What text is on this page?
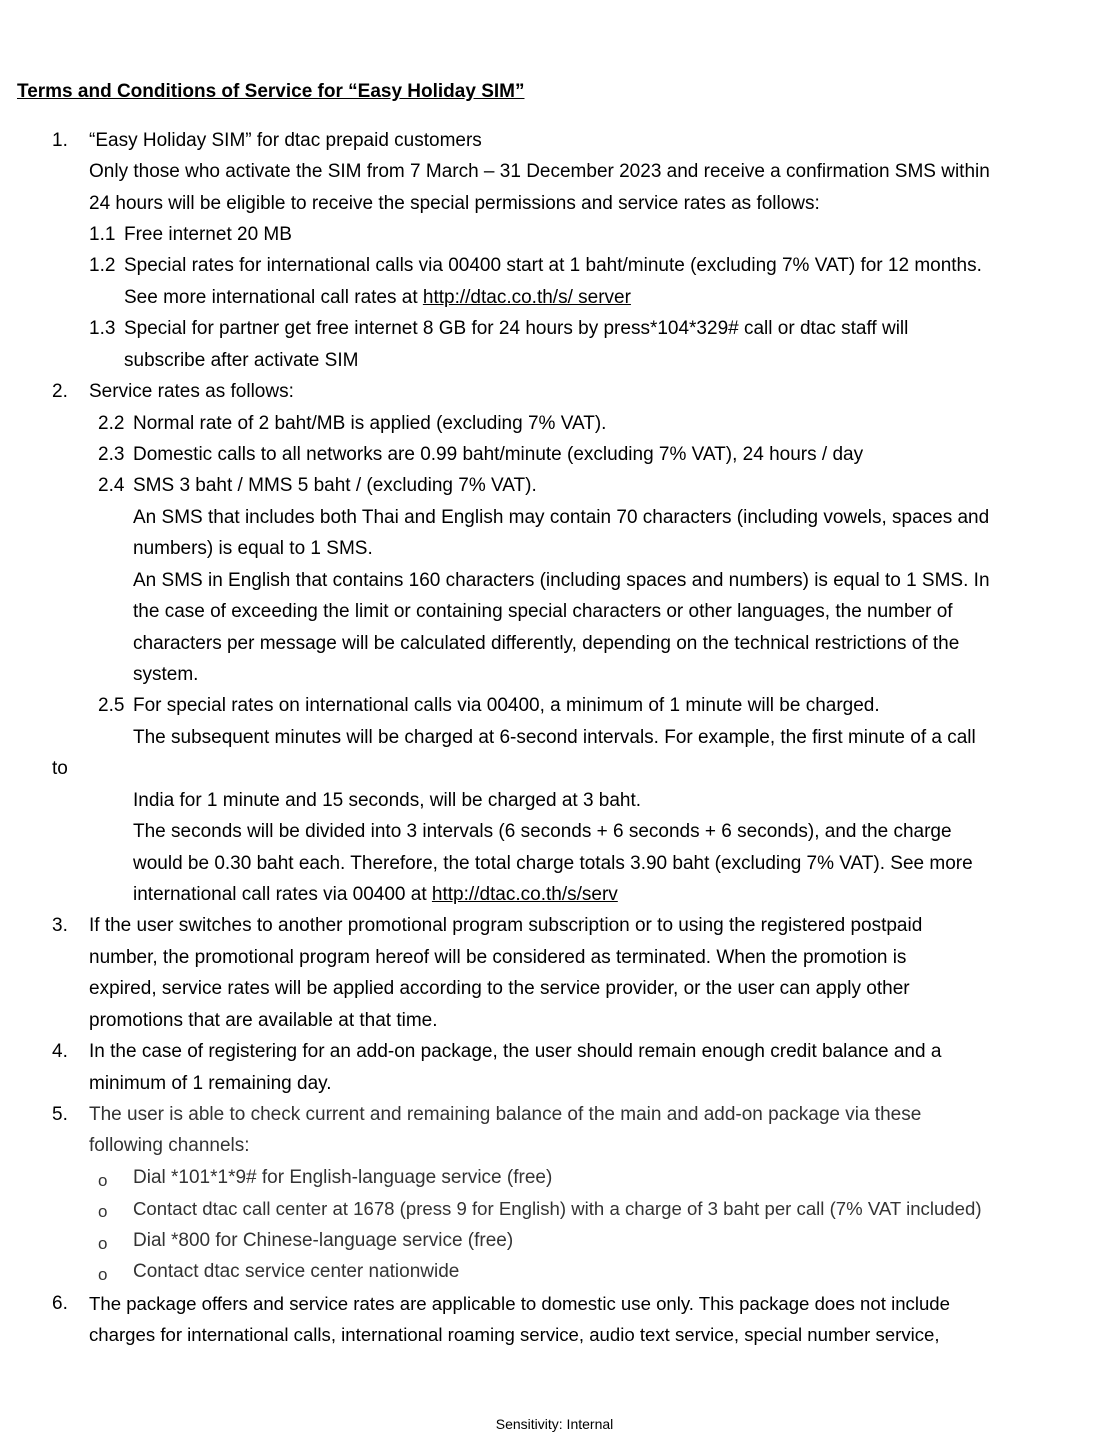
Terms and Conditions of Service for “Easy Holiday SIM”
1. “Easy Holiday SIM” for dtac prepaid customers
Only those who activate the SIM from 7 March – 31 December 2023 and receive a confirmation SMS within
24 hours will be eligible to receive the special permissions and service rates as follows:
1.1 Free internet 20 MB
1.2 Special rates for international calls via 00400 start at 1 baht/minute (excluding 7% VAT) for 12 months.
See more international call rates at http://dtac.co.th/s/ server
1.3 Special for partner get free internet 8 GB for 24 hours by press*104*329# call or dtac staff will
subscribe after activate SIM
2. Service rates as follows:
2.2 Normal rate of 2 baht/MB is applied (excluding 7% VAT).
2.3 Domestic calls to all networks are 0.99 baht/minute (excluding 7% VAT), 24 hours / day
2.4 SMS 3 baht / MMS 5 baht / (excluding 7% VAT).
An SMS that includes both Thai and English may contain 70 characters (including vowels, spaces and
numbers) is equal to 1 SMS.
An SMS in English that contains 160 characters (including spaces and numbers) is equal to 1 SMS. In
the case of exceeding the limit or containing special characters or other languages, the number of
characters per message will be calculated differently, depending on the technical restrictions of the
system.
2.5 For special rates on international calls via 00400, a minimum of 1 minute will be charged.
The subsequent minutes will be charged at 6-second intervals. For example, the first minute of a call
to
India for 1 minute and 15 seconds, will be charged at 3 baht.
The seconds will be divided into 3 intervals (6 seconds + 6 seconds + 6 seconds), and the charge
would be 0.30 baht each. Therefore, the total charge totals 3.90 baht (excluding 7% VAT). See more
international call rates via 00400 at http://dtac.co.th/s/serv
3. If the user switches to another promotional program subscription or to using the registered postpaid
number, the promotional program hereof will be considered as terminated. When the promotion is
expired, service rates will be applied according to the service provider, or the user can apply other
promotions that are available at that time.
4. In the case of registering for an add-on package, the user should remain enough credit balance and a
minimum of 1 remaining day.
5. The user is able to check current and remaining balance of the main and add-on package via these
following channels:
o Dial *101*1*9# for English-language service (free)
o Contact dtac call center at 1678 (press 9 for English) with a charge of 3 baht per call (7% VAT included)
o Dial *800 for Chinese-language service (free)
o Contact dtac service center nationwide
6. The package offers and service rates are applicable to domestic use only. This package does not include
charges for international calls, international roaming service, audio text service, special number service,
Sensitivity: Internal
